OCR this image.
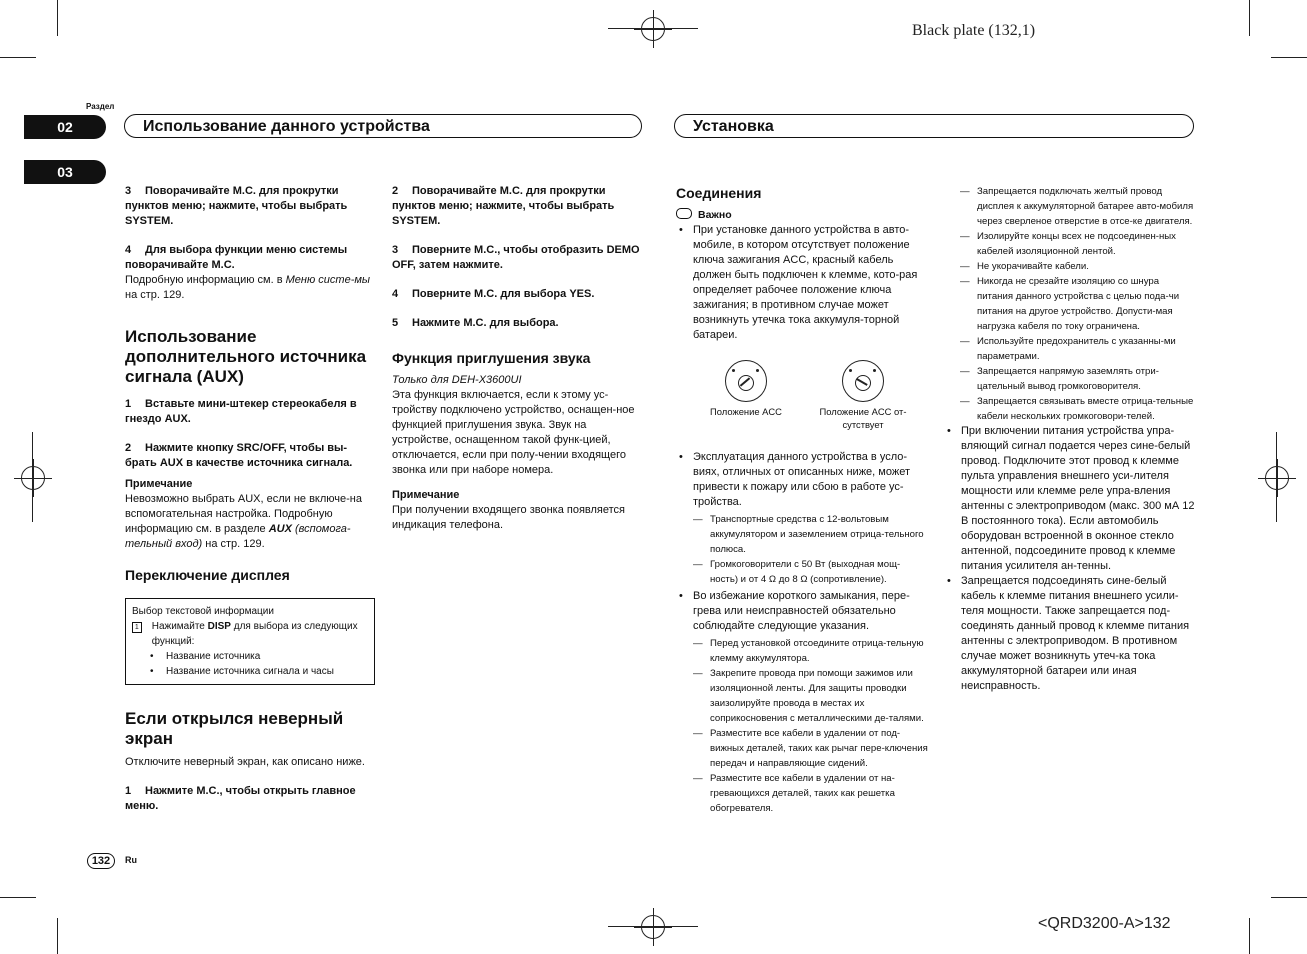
Black plate (132,1)
<QRD3200-A>132
Раздел
02
03
Использование данного устройства	Установка

3 Поворачивайте M.C. для прокрутки пунктов меню; нажмите, чтобы выбрать SYSTEM.

4 Для выбора функции меню системы поворачивайте M.C.

Подробную информацию см. в Меню систе-мы на стр. 129.

Использование дополнительного источника сигнала (AUX)

1 Вставьте мини-штекер стереокабеля в гнездо AUX.

2 Нажмите кнопку SRC/OFF, чтобы вы-брать AUX в качестве источника сигнала.

Примечание

Невозможно выбрать AUX, если не включе-на вспомогательная настройка. Подробную информацию см. в разделе AUX (вспомога-тельный вход) на стр. 129.

Переключение дисплея

Выбор текстовой информации
1 Нажимайте DISP для выбора из следующих функций:
• Название источника
• Название источника сигнала и часы

Если открылся неверный экран

Отключите неверный экран, как описано ниже.

1 Нажмите M.C., чтобы открыть главное меню.

2 Поворачивайте M.C. для прокрутки пунктов меню; нажмите, чтобы выбрать SYSTEM.

3 Поверните M.C., чтобы отобразить DEMO OFF, затем нажмите.

4 Поверните M.C. для выбора YES.

5 Нажмите M.C. для выбора.

Функция приглушения звука

Только для DEH-X3600UI

Эта функция включается, если к этому ус-тройству подключено устройство, оснащен-ное функцией приглушения звука. Звук на устройстве, оснащенном такой функ-цией, отключается, если при полу-чении входящего звонка или при наборе номера.

Примечание

При получении входящего звонка появляется индикация телефона.

Соединения

Важно

• При установке данного устройства в авто-мобиле, в котором отсутствует положение ключа зажигания ACC, красный кабель должен быть подключен к клемме, кото-рая определяет рабочее положение ключа зажигания; в противном случае может возникнуть утечка тока аккумуля-торной батареи.
Положение ACC	Положение ACC от-сутствует
• Эксплуатация данного устройства в усло-виях, отличных от описанных ниже, может привести к пожару или сбою в работе ус-тройства.
— Транспортные средства с 12-вольтовым аккумулятором и заземлением отрица-тельного полюса.
— Громкоговорители с 50 Вт (выходная мощ-ность) и от 4 Ω до 8 Ω (сопротивление).
• Во избежание короткого замыкания, пере-грева или неисправностей обязательно соблюдайте следующие указания.
— Перед установкой отсоедините отрица-тельную клемму аккумулятора.
— Закрепите провода при помощи зажимов или изоляционной ленты. Для защиты проводки заизолируйте провода в местах их соприкосновения с металлическими де-талями.
— Разместите все кабели в удалении от под-вижных деталей, таких как рычаг пере-ключения передач и направляющие сидений.
— Разместите все кабели в удалении от на-гревающихся деталей, таких как решетка обогревателя.
— Запрещается подключать желтый провод дисплея к аккумуляторной батарее авто-мобиля через сверленое отверстие в отсе-ке двигателя.
— Изолируйте концы всех не подсоединен-ных кабелей изоляционной лентой.
— Не укорачивайте кабели.
— Никогда не срезайте изоляцию со шнура питания данного устройства с целью пода-чи питания на другое устройство. Допусти-мая нагрузка кабеля по току ограничена.
— Используйте предохранитель с указанны-ми параметрами.
— Запрещается напрямую заземлять отри-цательный вывод громкоговорителя.
— Запрещается связывать вместе отрица-тельные кабели нескольких громкоговори-телей.
• При включении питания устройства упра-вляющий сигнал подается через сине-белый провод. Подключите этот провод к клемме пульта управления внешнего уси-лителя мощности или клемме реле упра-вления антенны с электроприводом (макс. 300 мА 12 В постоянного тока). Если автомобиль оборудован встроенной в оконное стекло антенной, подсоедините провод к клемме питания усилителя ан-тенны.
• Запрещается подсоединять сине-белый кабель к клемме питания внешнего усили-теля мощности. Также запрещается под-соединять данный провод к клемме питания антенны с электроприводом. В противном случае может возникнуть утеч-ка тока аккумуляторной батареи или иная неисправность.
132	Ru
